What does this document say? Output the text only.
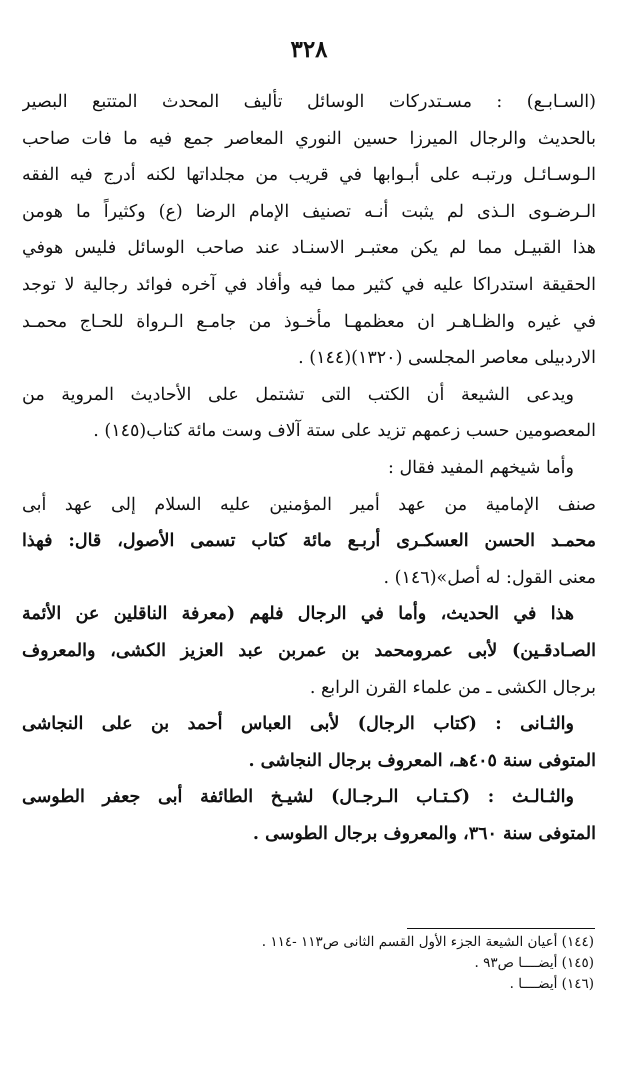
٣٢٨

(السـابـع) : مسـتدركات الوسائل تأليف المحدث المتتبع البصير
بالحديث والرجال الميرزا حسين النوري المعاصر جمع فيه ما فات صاحب
الـوسـائـل ورتبـه على أبـوابها في قريب من مجلداتها لكنه أدرج فيه الفقه
الـرضـوى الـذى لم يثبت أنـه تصنيف الإمام الرضا (ع) وكثيراً ما هومن
هذا القبيـل مما لم يكن معتبـر الاسنـاد عند صاحب الوسائل فليس هوفي
الحقيقة استدراكا عليه في كثير مما فيه وأفاد في آخره فوائد رجالية لا توجد
في غيره والظـاهـر ان معظمهـا مأخـوذ من جامـع الـرواة للحـاج محمـد
الاردبيلى معاصر المجلسى (١٣٢٠)(١٤٤) .

ويدعى الشيعة أن الكتب التى تشتمل على الأحاديث المروية من
المعصومين حسب زعمهم تزيد على ستة آلاف وست مائة كتاب(١٤٥) .

وأما شيخهم المفيد فقال :

صنف الإمامية من عهد أمير المؤمنين عليه السلام إلى عهد أبى
محمـد الحسن العسكـرى أربـع مائة كتاب تسمى الأصول، قال: فهذا
معنى القول: له أصل»(١٤٦) .

هذا في الحديث، وأما في الرجال فلهم (معرفة الناقلين عن الأئمة
الصـادقـين) لأبى عمرومحمد بن عمربن عبد العزيز الكشى، والمعروف
برجال الكشى ـ من علماء القرن الرابع .

والثـانى : (كتاب الرجال) لأبى العباس أحمد بن على النجاشى
المتوفى سنة ٤٠٥هـ، المعروف برجال النجاشى .

والثـالـث : (كـتـاب الـرجـال) لشيـخ الطائفة أبى جعفر الطوسى
المتوفى سنة ٣٦٠، والمعروف برجال الطوسى .

(١٤٤) أعيان الشيعة الجزء الأول القسم الثانى ص١١٣ -١١٤ .
(١٤٥) أيضــــا ص٩٣ .
(١٤٦) أيضــــا .
